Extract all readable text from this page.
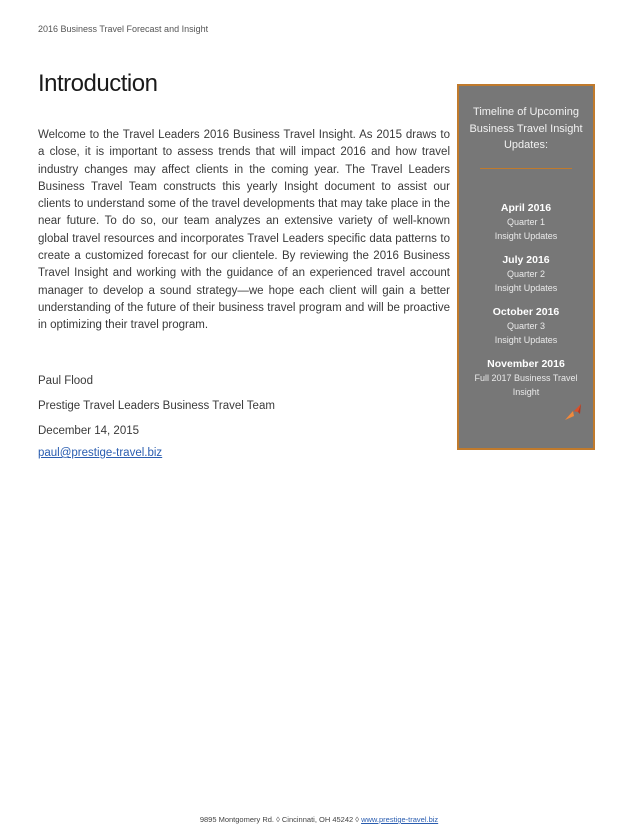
2016 Business Travel Forecast and Insight
Introduction

Welcome to the Travel Leaders 2016 Business Travel Insight. As 2015 draws to a close, it is important to assess trends that will impact 2016 and how travel industry changes may affect clients in the coming year. The Travel Leaders Business Travel Team constructs this yearly Insight document to assist our clients to understand some of the travel developments that may take place in the near future. To do so, our team analyzes an extensive variety of well-known global travel resources and incorporates Travel Leaders specific data patterns to create a customized forecast for our clientele. By reviewing the 2016 Business Travel Insight and working with the guidance of an experienced travel account manager to develop a sound strategy—we hope each client will gain a better understanding of the future of their business travel program and will be proactive in optimizing their travel program.

Paul Flood
Prestige Travel Leaders Business Travel Team
December 14, 2015
paul@prestige-travel.biz
Timeline of Upcoming Business Travel Insight Updates:
April 2016
Quarter 1
Insight Updates
July 2016
Quarter 2
Insight Updates
October 2016
Quarter 3
Insight Updates
November 2016
Full 2017 Business Travel Insight
9895 Montgomery Rd. ◊ Cincinnati, OH 45242 ◊ www.prestige-travel.biz
